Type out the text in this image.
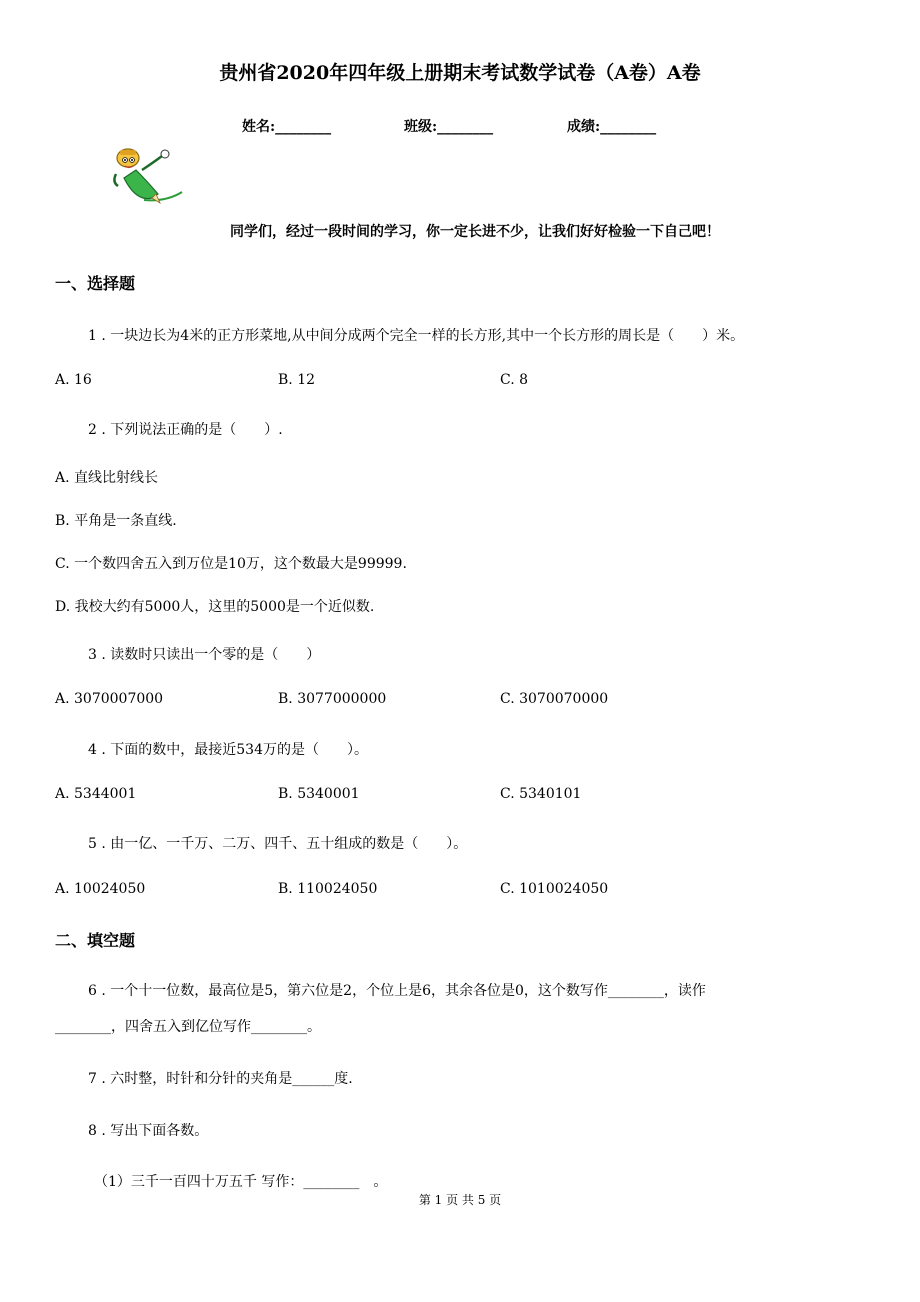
贵州省2020年四年级上册期末考试数学试卷（A卷）A卷
姓名:________	班级:________	成绩:________
同学们，经过一段时间的学习，你一定长进不少，让我们好好检验一下自己吧！
一、选择题
1 . 一块边长为4米的正方形菜地,从中间分成两个完全一样的长方形,其中一个长方形的周长是（　　）米。
A. 16	B. 12	C. 8
2 . 下列说法正确的是（　　）.
A. 直线比射线长
B. 平角是一条直线.
C. 一个数四舍五入到万位是10万，这个数最大是99999.
D. 我校大约有5000人，这里的5000是一个近似数.
3 . 读数时只读出一个零的是（　　）
A. 3070007000	B. 3077000000	C. 3070070000
4 . 下面的数中，最接近534万的是（　　）。
A. 5344001	B. 5340001	C. 5340101
5 . 由一亿、一千万、二万、四千、五十组成的数是（　　）。
A. 10024050	B. 110024050	C. 1010024050
二、填空题
6 . 一个十一位数，最高位是5，第六位是2，个位上是6，其余各位是0，这个数写作________，读作
________，四舍五入到亿位写作________。
7 . 六时整，时针和分针的夹角是______度.
8 . 写出下面各数。
（1）三千一百四十万五千 写作：________　。
第 1 页 共 5 页
